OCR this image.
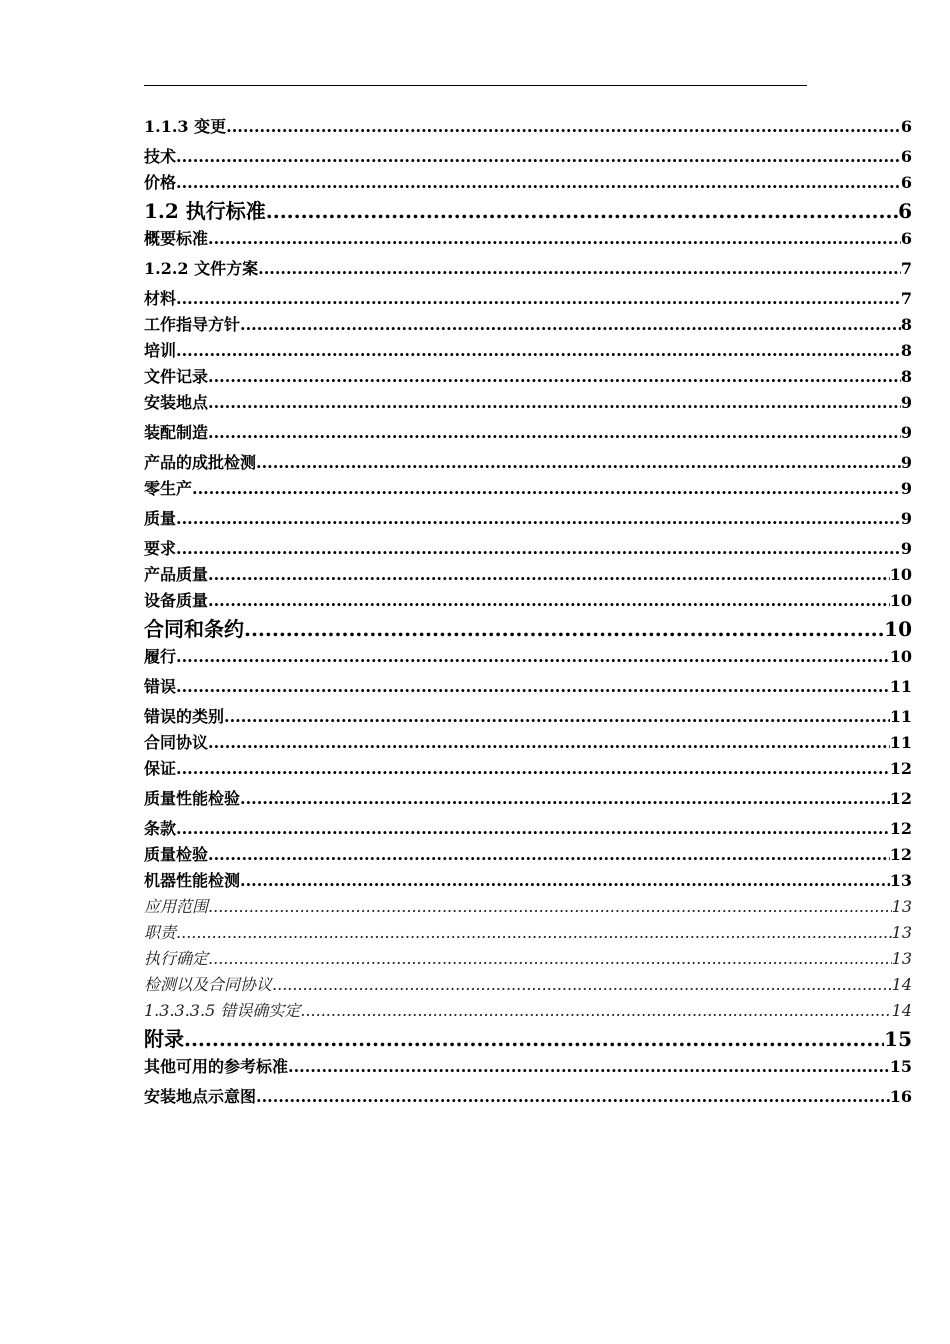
1.1.3 变更 .....	6
技术 .....	6
价格 .....	6
1.2 执行标准 .....	6
概要标准 .....	6
1.2.2 文件方案 .....	7
材料 .....	7
工作指导方针 .....	8
培训 .....	8
文件记录 .....	8
安装地点 .....	9
装配制造 .....	9
产品的成批检测 .....	9
零生产 .....	9
质量 .....	9
要求 .....	9
产品质量 .....	10
设备质量 .....	10
合同和条约 .....	10
履行 .....	10
错误 .....	11
错误的类别 .....	11
合同协议 .....	11
保证 .....	12
质量性能检验 .....	12
条款 .....	12
质量检验 .....	12
机器性能检测 .....	13
应用范围 .....	13
职责 .....	13
执行确定 .....	13
检测以及合同协议 .....	14
1.3.3.3.5 错误确实定 .....	14
附录 .....	15
其他可用的参考标准 .....	15
安装地点示意图 .....	16
